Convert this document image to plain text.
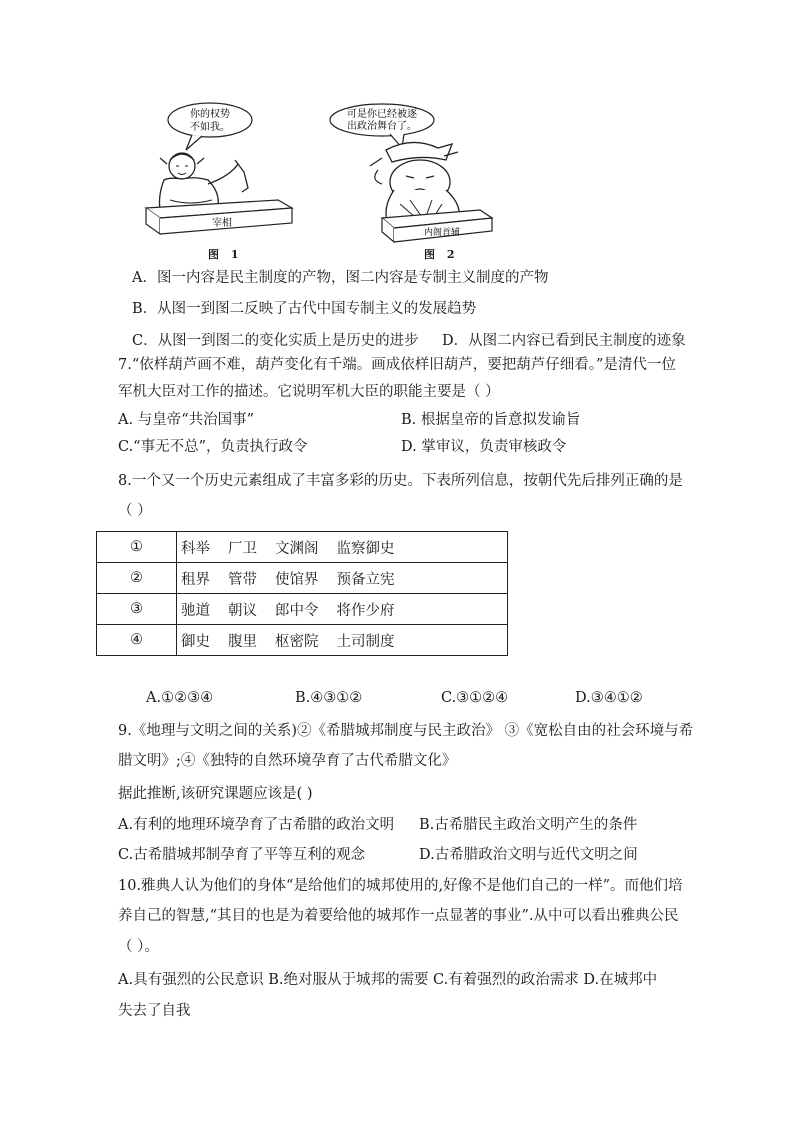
你的权势
不如我。
宰相
可是你已经被逐
出政治舞台了。
内阁首辅
图 1	图 2
A．图一内容是民主制度的产物，图二内容是专制主义制度的产物
B．从图一到图二反映了古代中国专制主义的发展趋势
C．从图一到图二的变化实质上是历史的进步 D．从图二内容已看到民主制度的迹象
7.“依样葫芦画不难，葫芦变化有千端。画成依样旧葫芦，要把葫芦仔细看。”是清代一位
军机大臣对工作的描述。它说明军机大臣的职能主要是（ ）
A. 与皇帝“共治国事”	B. 根据皇帝的旨意拟发谕旨
C.“事无不总”，负责执行政令	D. 掌审议，负责审核政令
8.一个又一个历史元素组成了丰富多彩的历史。下表所列信息，按朝代先后排列正确的是
（ ）
①	科举 厂卫 文渊阁 监察御史
②	租界 管带 使馆界 预备立宪
③	驰道 朝议 郎中令 将作少府
④	御史 腹里 枢密院 土司制度
A.①②③④	B.④③①②	C.③①②④	D.③④①②
9.《地理与文明之间的关系)②《希腊城邦制度与民主政治》 ③《宽松自由的社会环境与希
腊文明》;④《独特的自然环境孕育了古代希腊文化》
据此推断,该研究课题应该是( )
A.有利的地理环境孕育了古希腊的政治文明 B.古希腊民主政治文明产生的条件
C.古希腊城邦制孕育了平等互利的观念	D.古希腊政治文明与近代文明之间
10.雅典人认为他们的身体“是给他们的城邦使用的,好像不是他们自己的一样”。而他们培
养自己的智慧,“其目的也是为着要给他的城邦作一点显著的事业”.从中可以看出雅典公民
（ ）。
A.具有强烈的公民意识 B.绝对服从于城邦的需要 C.有着强烈的政治需求 D.在城邦中
失去了自我
